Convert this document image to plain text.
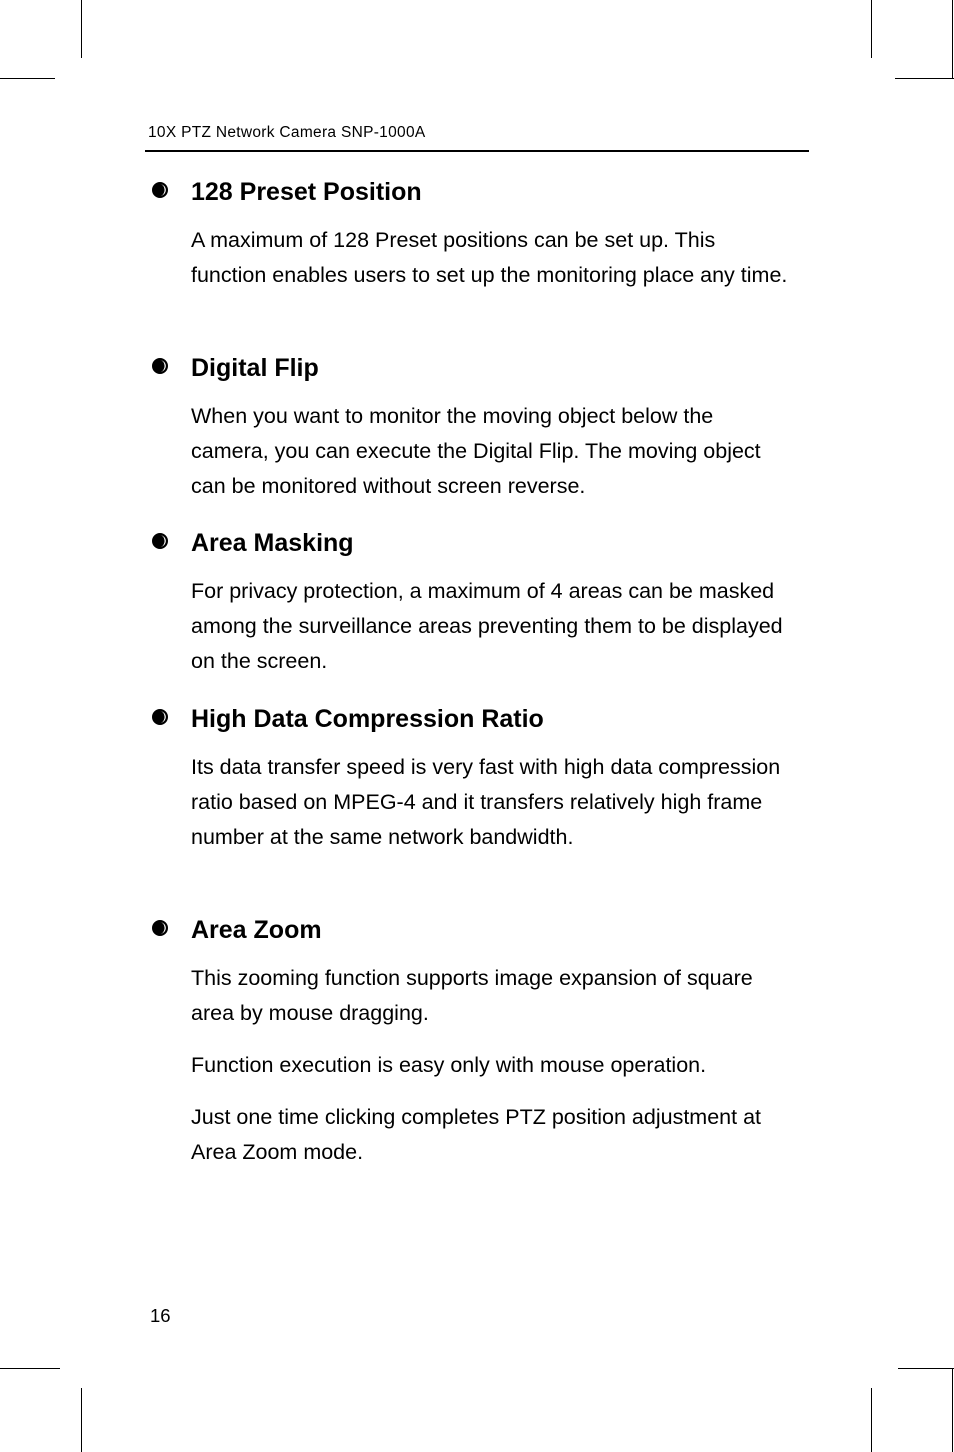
10X PTZ Network Camera SNP-1000A
128 Preset Position

A maximum of 128 Preset positions can be set up. This function enables users to set up the monitoring place any time.

Digital Flip

When you want to monitor the moving object below the camera, you can execute the Digital Flip. The moving object can be monitored without screen reverse.

Area Masking

For privacy protection, a maximum of 4 areas can be masked among the surveillance areas preventing them to be displayed on the screen.

High Data Compression Ratio

Its data transfer speed is very fast with high data compression ratio based on MPEG-4 and it transfers relatively high frame number at the same network bandwidth.

Area Zoom

This zooming function supports image expansion of square area by mouse dragging.

Function execution is easy only with mouse operation.

Just one time clicking completes PTZ position adjustment at Area Zoom mode.

16
